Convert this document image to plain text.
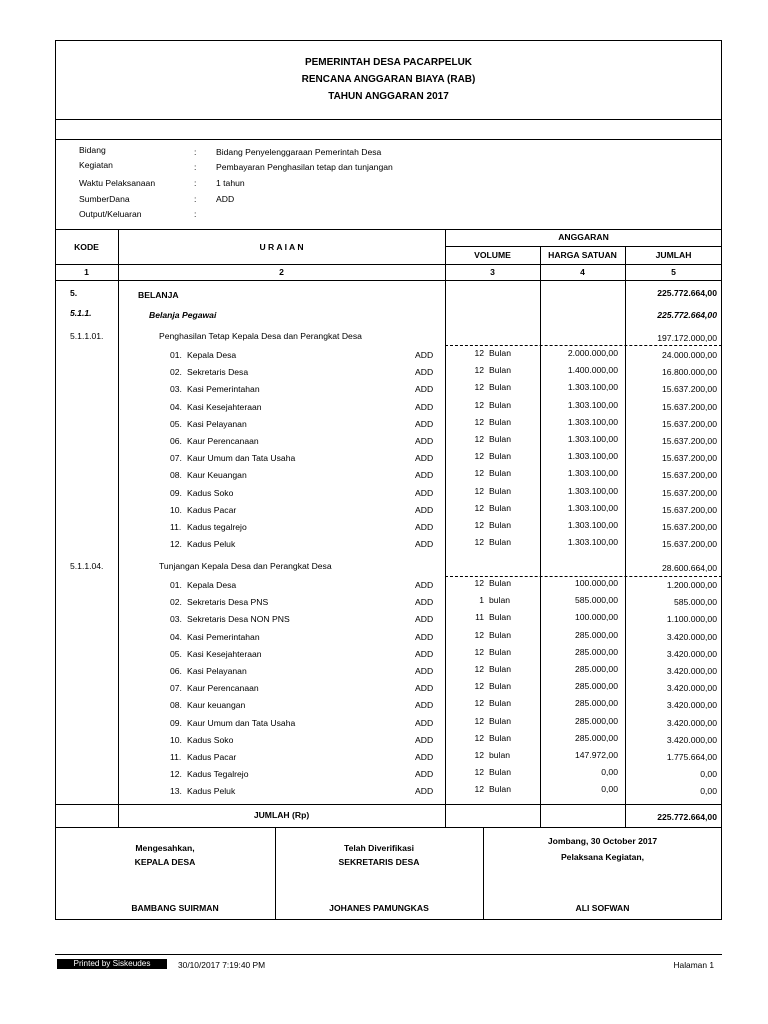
PEMERINTAH DESA PACARPELUK
RENCANA ANGGARAN BIAYA (RAB)
TAHUN ANGGARAN 2017
Bidang	: Bidang Penyelenggaraan Pemerintah Desa
Kegiatan	: Pembayaran Penghasilan tetap dan tunjangan
Waktu Pelaksanaan	: 1 tahun
SumberDana	: ADD
Output/Keluaran	:
KODE	U R A I A N
ANGGARAN
VOLUME	HARGA SATUAN	JUMLAH
1	2	3	4	5
5.	BELANJA	225.772.664,00
5.1.1.	Belanja Pegawai	225.772.664,00
5.1.1.01.	Penghasilan Tetap Kepala Desa dan Perangkat Desa	197.172.000,00
01. Kepala Desa	ADD	12 Bulan	2.000.000,00	24.000.000,00
02. Sekretaris Desa	ADD	12 Bulan	1.400.000,00	16.800.000,00
03. Kasi Pemerintahan	ADD	12 Bulan	1.303.100,00	15.637.200,00
04. Kasi Kesejahteraan	ADD	12 Bulan	1.303.100,00	15.637.200,00
05. Kasi Pelayanan	ADD	12 Bulan	1.303.100,00	15.637.200,00
06. Kaur Perencanaan	ADD	12 Bulan	1.303.100,00	15.637.200,00
07. Kaur Umum dan Tata Usaha	ADD	12 Bulan	1.303.100,00	15.637.200,00
08. Kaur Keuangan	ADD	12 Bulan	1.303.100,00	15.637.200,00
09. Kadus Soko	ADD	12 Bulan	1.303.100,00	15.637.200,00
10. Kadus Pacar	ADD	12 Bulan	1.303.100,00	15.637.200,00
11. Kadus tegalrejo	ADD	12 Bulan	1.303.100,00	15.637.200,00
12. Kadus Peluk	ADD	12 Bulan	1.303.100,00	15.637.200,00
5.1.1.04.	Tunjangan Kepala Desa dan Perangkat Desa	28.600.664,00
01. Kepala Desa	ADD	12 Bulan	100.000,00	1.200.000,00
02. Sekretaris Desa PNS	ADD	1 bulan	585.000,00	585.000,00
03. Sekretaris Desa NON PNS	ADD	11 Bulan	100.000,00	1.100.000,00
04. Kasi Pemerintahan	ADD	12 Bulan	285.000,00	3.420.000,00
05. Kasi Kesejahteraan	ADD	12 Bulan	285.000,00	3.420.000,00
06. Kasi Pelayanan	ADD	12 Bulan	285.000,00	3.420.000,00
07. Kaur Perencanaan	ADD	12 Bulan	285.000,00	3.420.000,00
08. Kaur keuangan	ADD	12 Bulan	285.000,00	3.420.000,00
09. Kaur Umum dan Tata Usaha	ADD	12 Bulan	285.000,00	3.420.000,00
10. Kadus Soko	ADD	12 Bulan	285.000,00	3.420.000,00
11. Kadus Pacar	ADD	12 bulan	147.972,00	1.775.664,00
12. Kadus Tegalrejo	ADD	12 Bulan	0,00	0,00
13. Kadus Peluk	ADD	12 Bulan	0,00	0,00
JUMLAH (Rp)	225.772.664,00
Mengesahkan,
KEPALA DESA
BAMBANG SUIRMAN
Telah Diverifikasi
SEKRETARIS DESA
JOHANES PAMUNGKAS
Jombang, 30 October 2017
Pelaksana Kegiatan,
ALI SOFWAN
Printed by Siskeudes	30/10/2017 7:19:40 PM	Halaman 1
